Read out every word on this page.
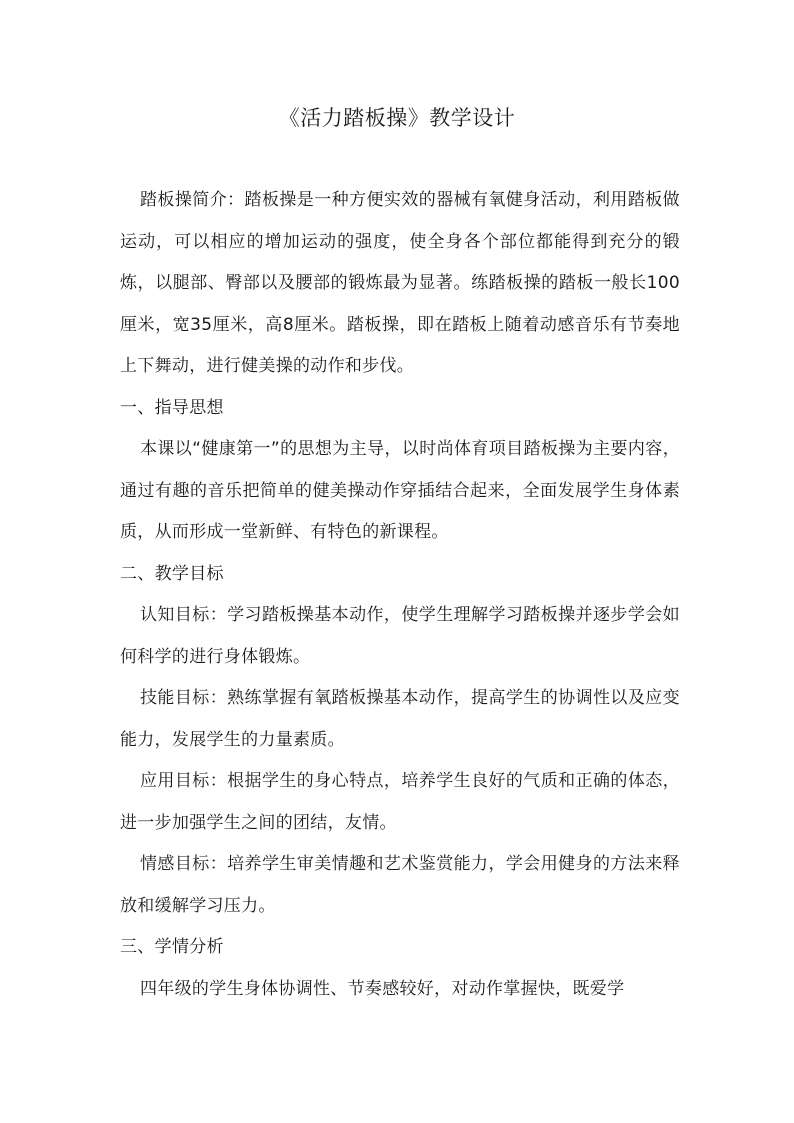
《活力踏板操》教学设计

踏板操简介：踏板操是一种方便实效的器械有氧健身活动，利用踏板做运动，可以相应的增加运动的强度，使全身各个部位都能得到充分的锻炼，以腿部、臀部以及腰部的锻炼最为显著。练踏板操的踏板一般长100厘米，宽35厘米，高8厘米。踏板操，即在踏板上随着动感音乐有节奏地上下舞动，进行健美操的动作和步伐。

一、指导思想

本课以“健康第一”的思想为主导，以时尚体育项目踏板操为主要内容，通过有趣的音乐把简单的健美操动作穿插结合起来，全面发展学生身体素质，从而形成一堂新鲜、有特色的新课程。

二、教学目标

认知目标：学习踏板操基本动作，使学生理解学习踏板操并逐步学会如何科学的进行身体锻炼。

技能目标：熟练掌握有氧踏板操基本动作，提高学生的协调性以及应变能力，发展学生的力量素质。

应用目标：根据学生的身心特点，培养学生良好的气质和正确的体态，进一步加强学生之间的团结，友情。

情感目标：培养学生审美情趣和艺术鉴赏能力，学会用健身的方法来释放和缓解学习压力。

三、学情分析

四年级的学生身体协调性、节奏感较好，对动作掌握快，既爱学
